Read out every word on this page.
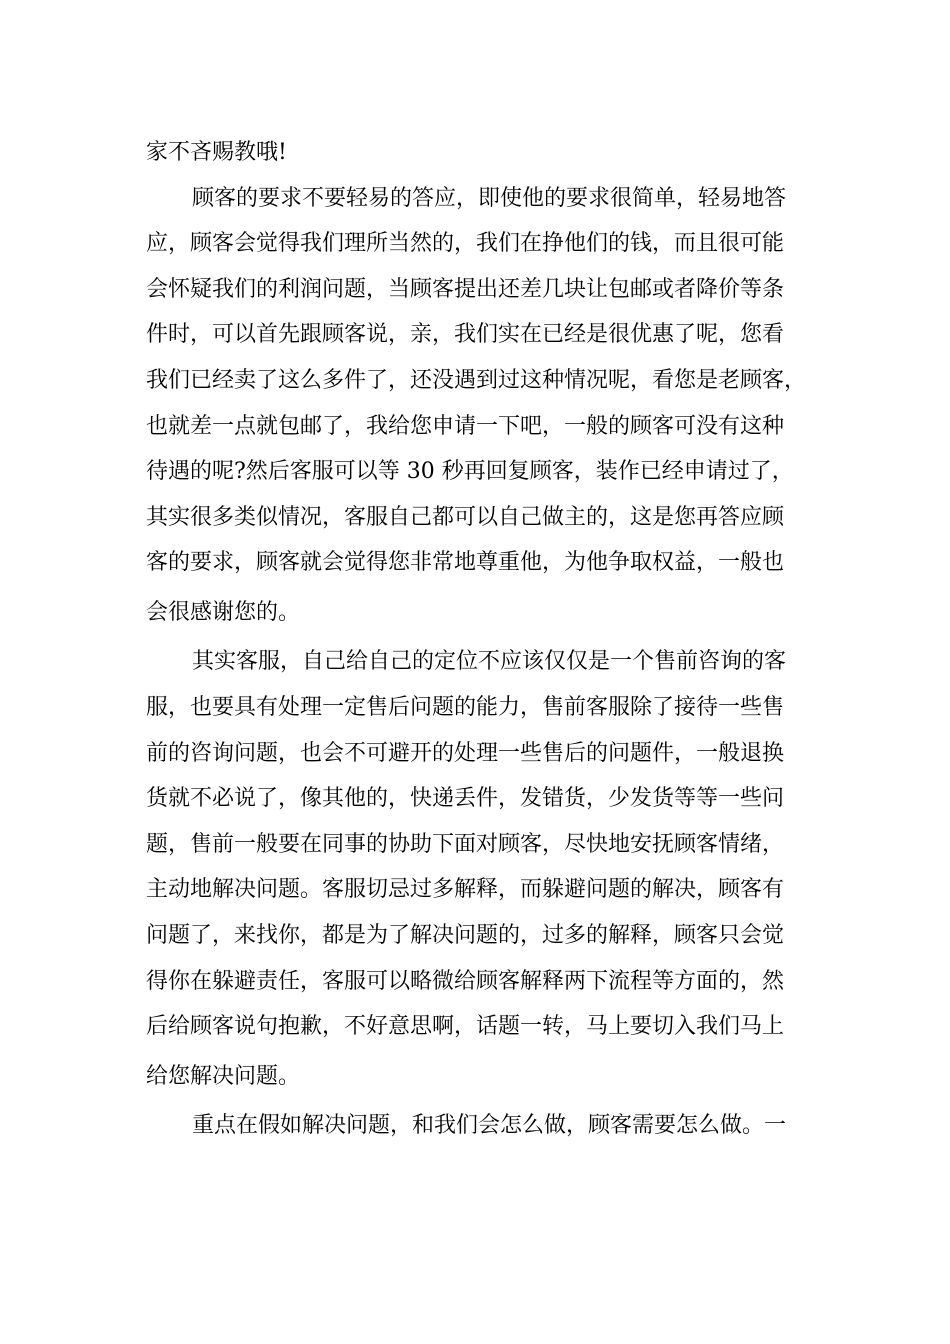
家不吝赐教哦!
顾客的要求不要轻易的答应，即使他的要求很简单，轻易地答
应，顾客会觉得我们理所当然的，我们在挣他们的钱，而且很可能
会怀疑我们的利润问题，当顾客提出还差几块让包邮或者降价等条
件时，可以首先跟顾客说，亲，我们实在已经是很优惠了呢，您看
我们已经卖了这么多件了，还没遇到过这种情况呢，看您是老顾客，
也就差一点就包邮了，我给您申请一下吧，一般的顾客可没有这种
待遇的呢?然后客服可以等 30 秒再回复顾客，装作已经申请过了，
其实很多类似情况，客服自己都可以自己做主的，这是您再答应顾
客的要求，顾客就会觉得您非常地尊重他，为他争取权益，一般也
会很感谢您的。
其实客服，自己给自己的定位不应该仅仅是一个售前咨询的客
服，也要具有处理一定售后问题的能力，售前客服除了接待一些售
前的咨询问题，也会不可避开的处理一些售后的问题件，一般退换
货就不必说了，像其他的，快递丢件，发错货，少发货等等一些问
题，售前一般要在同事的协助下面对顾客，尽快地安抚顾客情绪，
主动地解决问题。客服切忌过多解释，而躲避问题的解决，顾客有
问题了，来找你，都是为了解决问题的，过多的解释，顾客只会觉
得你在躲避责任，客服可以略微给顾客解释两下流程等方面的，然
后给顾客说句抱歉，不好意思啊，话题一转，马上要切入我们马上
给您解决问题。
重点在假如解决问题，和我们会怎么做，顾客需要怎么做。一
